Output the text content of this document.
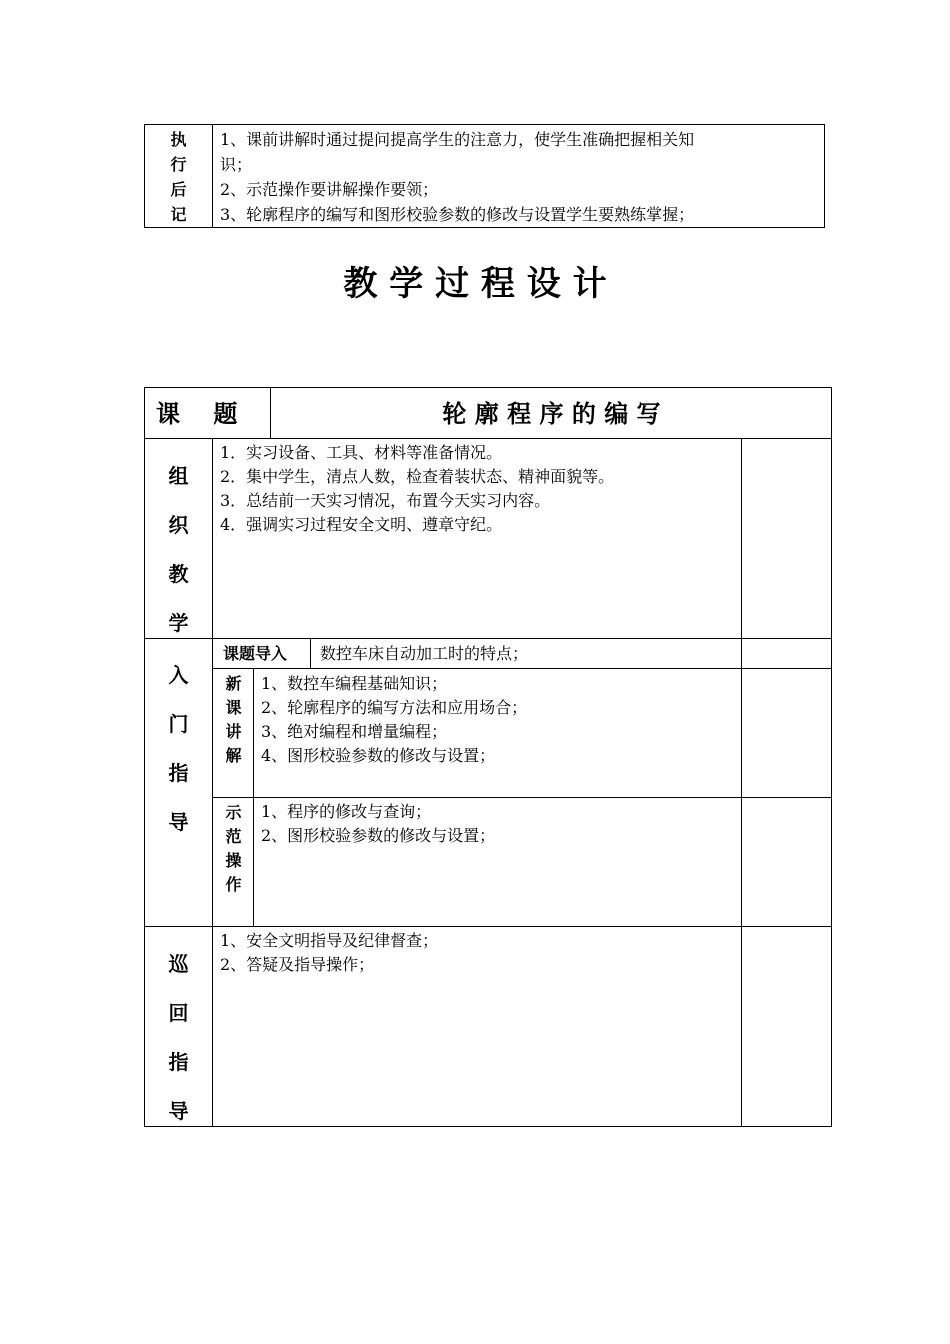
执
行
后
记
1、课前讲解时通过提问提高学生的注意力，使学生准确把握相关知
识；
2、示范操作要讲解操作要领；
3、轮廓程序的编写和图形校验参数的修改与设置学生要熟练掌握；
教 学 过 程 设 计
课    题	轮 廓 程 序 的 编 写
组
织
教
学
1．实习设备、工具、材料等准备情况。
2．集中学生，清点人数，检查着装状态、精神面貌等。
3．总结前一天实习情况，布置今天实习内容。
4．强调实习过程安全文明、遵章守纪。
入
门
指
导
课题导入 数控车床自动加工时的特点；
新
课
讲
解
1、数控车编程基础知识；
2、轮廓程序的编写方法和应用场合；
3、绝对编程和增量编程；
4、图形校验参数的修改与设置；
示
范
操
作
1、程序的修改与查询；
2、图形校验参数的修改与设置；
巡
回
指
导
1、安全文明指导及纪律督查；
2、答疑及指导操作；
